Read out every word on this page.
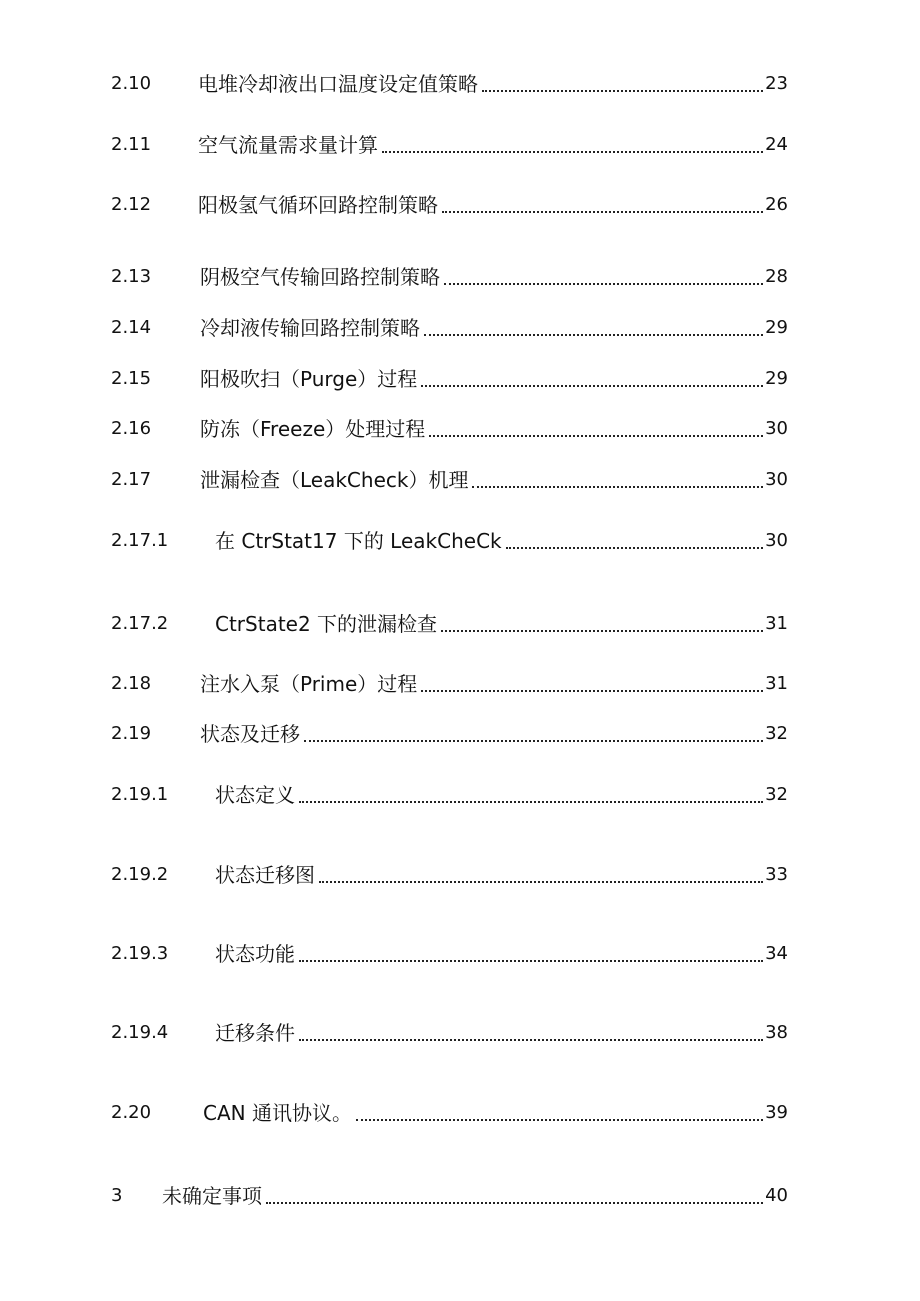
2.10 电堆冷却液出口温度设定值策略	23
2.11 空气流量需求量计算	24
2.12 阳极氢气循环回路控制策略	26
2.13 阴极空气传输回路控制策略	28
2.14 冷却液传输回路控制策略	29
2.15 阳极吹扫（Purge）过程	29
2.16 防冻（Freeze）处理过程	30
2.17 泄漏检查（LeakCheck）机理	30
2.17.1 在 CtrStat17 下的 LeakCheCk	30
2.17.2 CtrState2 下的泄漏检查	31
2.18 注水入泵（Prime）过程	31
2.19 状态及迁移	32
2.19.1 状态定义	32
2.19.2 状态迁移图	33
2.19.3 状态功能	34
2.19.4 迁移条件	38
2.20	CAN 通讯协议。	39
3 未确定事项	40
